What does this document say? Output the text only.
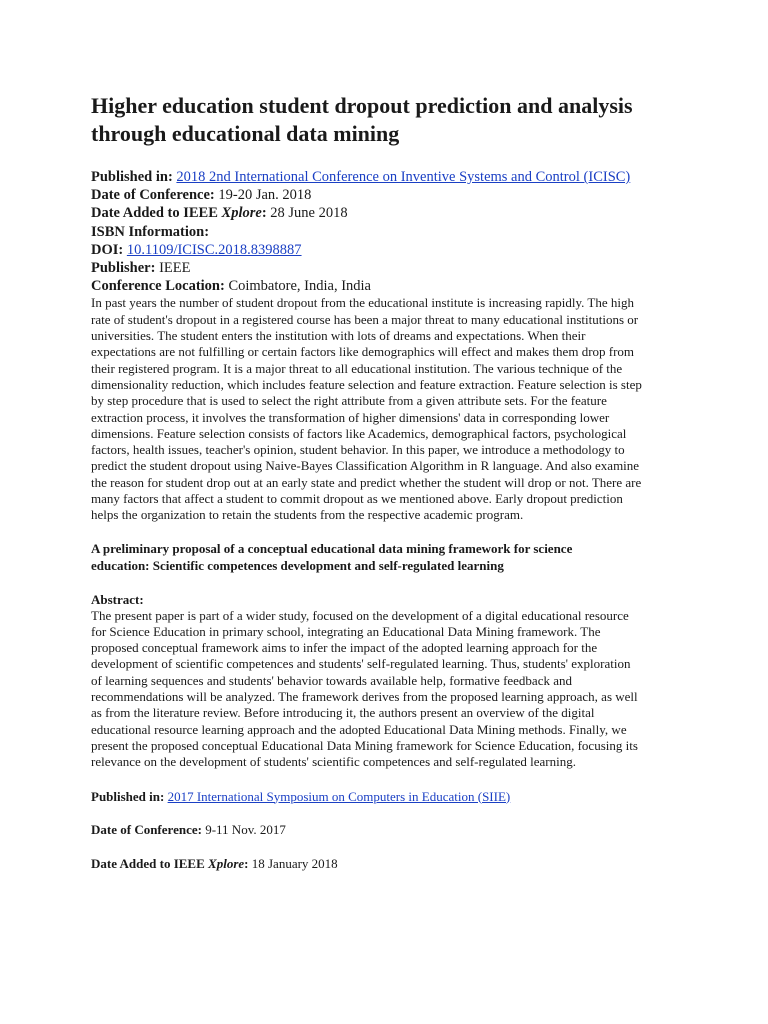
Higher education student dropout prediction and analysis
through educational data mining
Published in: 2018 2nd International Conference on Inventive Systems and Control (ICISC)
Date of Conference: 19-20 Jan. 2018
Date Added to IEEE Xplore: 28 June 2018
ISBN Information:
DOI: 10.1109/ICISC.2018.8398887
Publisher: IEEE
Conference Location: Coimbatore, India, India

In past years the number of student dropout from the educational institute is increasing rapidly. The high
rate of student's dropout in a registered course has been a major threat to many educational institutions or
universities. The student enters the institution with lots of dreams and expectations. When their
expectations are not fulfilling or certain factors like demographics will effect and makes them drop from
their registered program. It is a major threat to all educational institution. The various technique of the
dimensionality reduction, which includes feature selection and feature extraction. Feature selection is step
by step procedure that is used to select the right attribute from a given attribute sets. For the feature
extraction process, it involves the transformation of higher dimensions' data in corresponding lower
dimensions. Feature selection consists of factors like Academics, demographical factors, psychological
factors, health issues, teacher's opinion, student behavior. In this paper, we introduce a methodology to
predict the student dropout using Naive-Bayes Classification Algorithm in R language. And also examine
the reason for student drop out at an early state and predict whether the student will drop or not. There are
many factors that affect a student to commit dropout as we mentioned above. Early dropout prediction
helps the organization to retain the students from the respective academic program.

A preliminary proposal of a conceptual educational data mining framework for science
education: Scientific competences development and self-regulated learning
Abstract:

The present paper is part of a wider study, focused on the development of a digital educational resource
for Science Education in primary school, integrating an Educational Data Mining framework. The
proposed conceptual framework aims to infer the impact of the adopted learning approach for the
development of scientific competences and students' self-regulated learning. Thus, students' exploration
of learning sequences and students' behavior towards available help, formative feedback and
recommendations will be analyzed. The framework derives from the proposed learning approach, as well
as from the literature review. Before introducing it, the authors present an overview of the digital
educational resource learning approach and the adopted Educational Data Mining methods. Finally, we
present the proposed conceptual Educational Data Mining framework for Science Education, focusing its
relevance on the development of students' scientific competences and self-regulated learning.

Published in: 2017 International Symposium on Computers in Education (SIIE)
Date of Conference: 9-11 Nov. 2017
Date Added to IEEE Xplore: 18 January 2018
